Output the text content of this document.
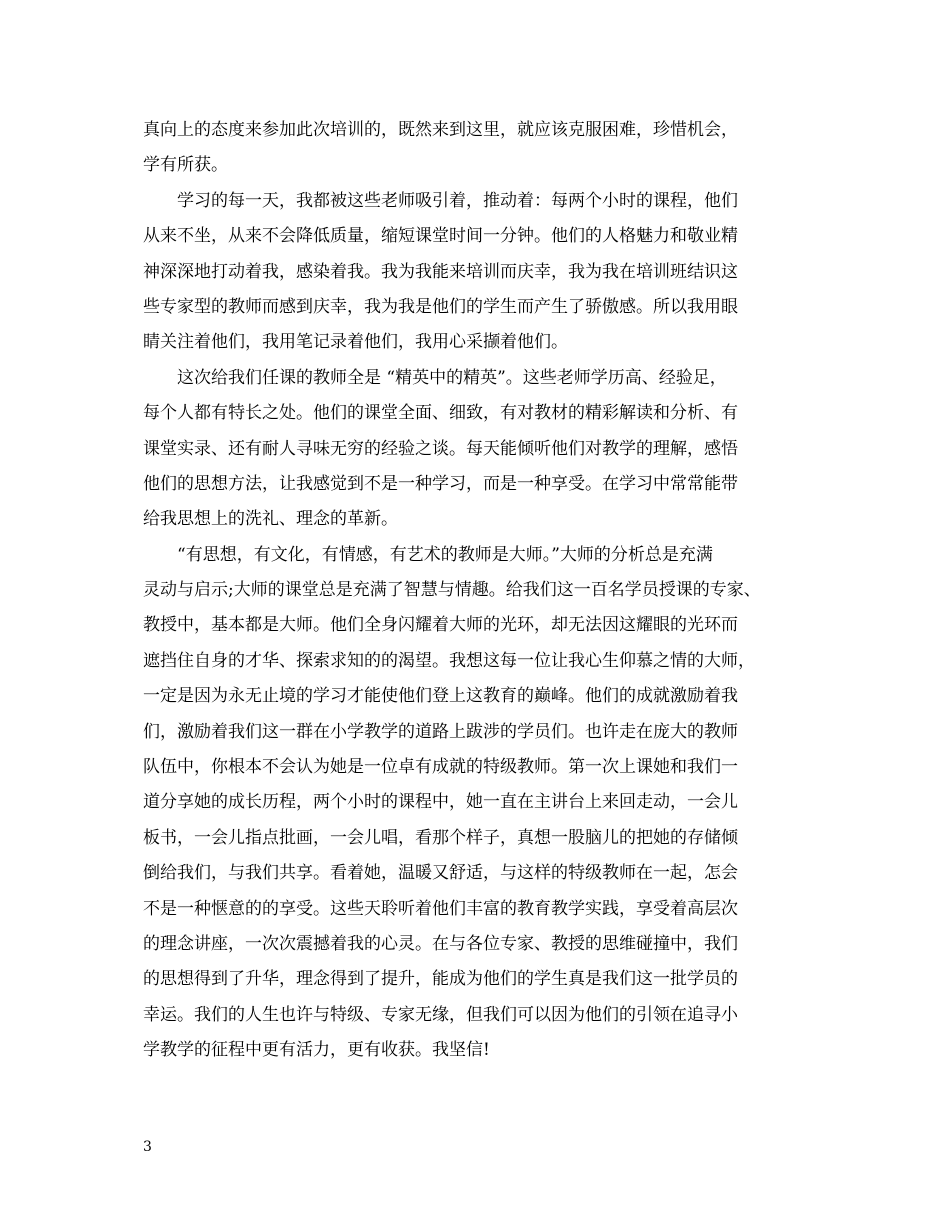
真向上的态度来参加此次培训的，既然来到这里，就应该克服困难，珍惜机会，
学有所获。
　　学习的每一天，我都被这些老师吸引着，推动着：每两个小时的课程，他们
从来不坐，从来不会降低质量，缩短课堂时间一分钟。他们的人格魅力和敬业精
神深深地打动着我，感染着我。我为我能来培训而庆幸，我为我在培训班结识这
些专家型的教师而感到庆幸，我为我是他们的学生而产生了骄傲感。所以我用眼
睛关注着他们，我用笔记录着他们，我用心采撷着他们。
　　这次给我们任课的教师全是 “精英中的精英”。这些老师学历高、经验足，
每个人都有特长之处。他们的课堂全面、细致，有对教材的精彩解读和分析、有
课堂实录、还有耐人寻味无穷的经验之谈。每天能倾听他们对教学的理解，感悟
他们的思想方法，让我感觉到不是一种学习，而是一种享受。在学习中常常能带
给我思想上的洗礼、理念的革新。
　　“有思想，有文化，有情感，有艺术的教师是大师。”大师的分析总是充满
灵动与启示;大师的课堂总是充满了智慧与情趣。给我们这一百名学员授课的专家、
教授中，基本都是大师。他们全身闪耀着大师的光环，却无法因这耀眼的光环而
遮挡住自身的才华、探索求知的的渴望。我想这每一位让我心生仰慕之情的大师，
一定是因为永无止境的学习才能使他们登上这教育的巅峰。他们的成就激励着我
们，激励着我们这一群在小学教学的道路上跋涉的学员们。也许走在庞大的教师
队伍中，你根本不会认为她是一位卓有成就的特级教师。第一次上课她和我们一
道分享她的成长历程，两个小时的课程中，她一直在主讲台上来回走动，一会儿
板书，一会儿指点批画，一会儿唱，看那个样子，真想一股脑儿的把她的存储倾
倒给我们，与我们共享。看着她，温暖又舒适，与这样的特级教师在一起，怎会
不是一种惬意的的享受。这些天聆听着他们丰富的教育教学实践，享受着高层次
的理念讲座，一次次震撼着我的心灵。在与各位专家、教授的思维碰撞中，我们
的思想得到了升华，理念得到了提升，能成为他们的学生真是我们这一批学员的
幸运。我们的人生也许与特级、专家无缘，但我们可以因为他们的引领在追寻小
学教学的征程中更有活力，更有收获。我坚信!
3
